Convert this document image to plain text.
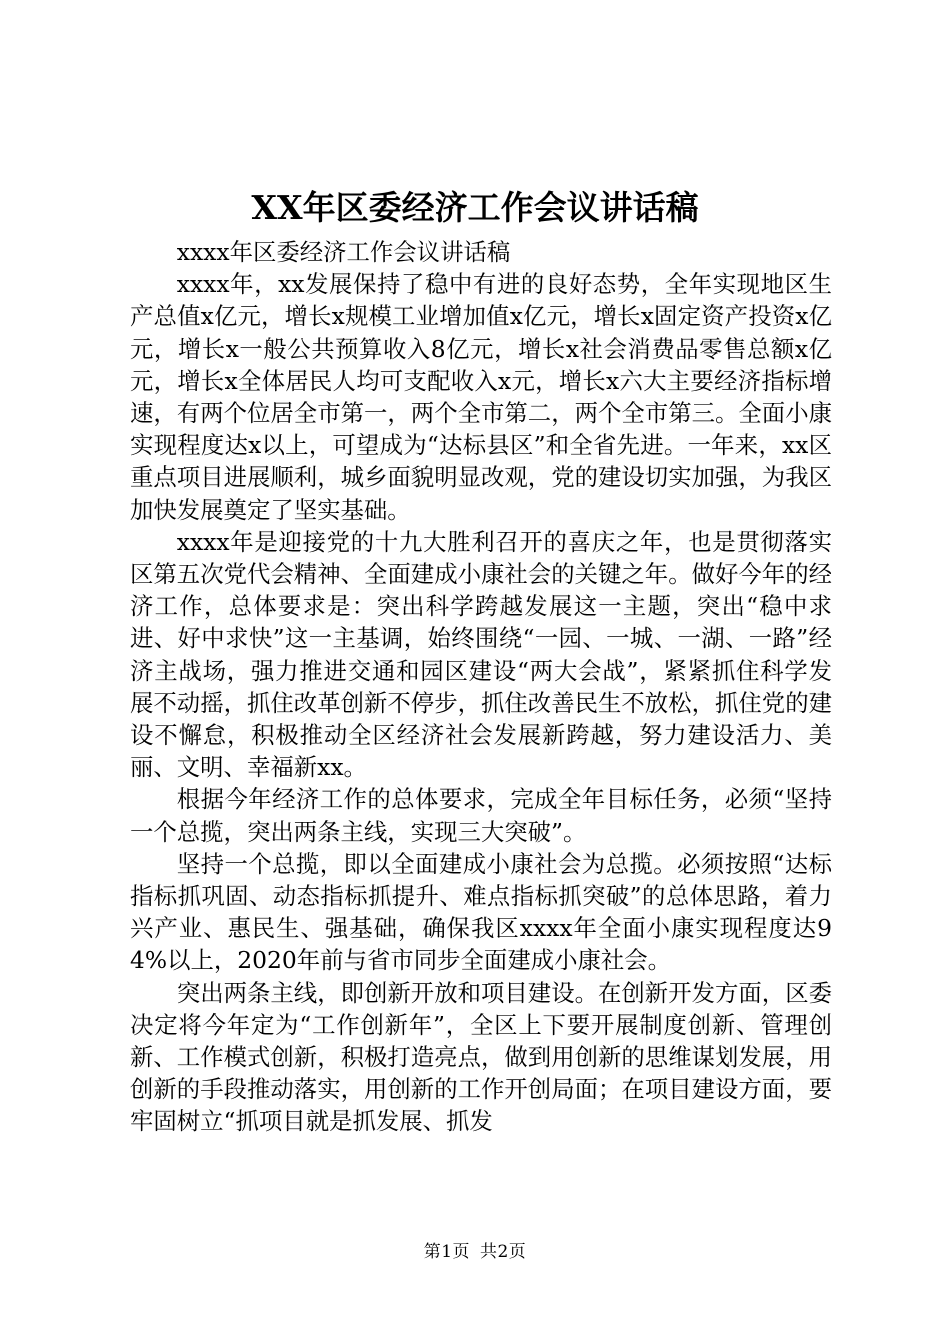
XX年区委经济工作会议讲话稿

xxxx年区委经济工作会议讲话稿

xxxx年，xx发展保持了稳中有进的良好态势，全年实现地区生产总值x亿元，增长x规模工业增加值x亿元，增长x固定资产投资x亿元，增长x一般公共预算收入8亿元，增长x社会消费品零售总额x亿元，增长x全体居民人均可支配收入x元，增长x六大主要经济指标增速，有两个位居全市第一，两个全市第二，两个全市第三。全面小康实现程度达x以上，可望成为“达标县区”和全省先进。一年来，xx区重点项目进展顺利，城乡面貌明显改观，党的建设切实加强，为我区加快发展奠定了坚实基础。

xxxx年是迎接党的十九大胜利召开的喜庆之年，也是贯彻落实区第五次党代会精神、全面建成小康社会的关键之年。做好今年的经济工作，总体要求是：突出科学跨越发展这一主题，突出“稳中求进、好中求快”这一主基调，始终围绕“一园、一城、一湖、一路”经济主战场，强力推进交通和园区建设“两大会战”，紧紧抓住科学发展不动摇，抓住改革创新不停步，抓住改善民生不放松，抓住党的建设不懈怠，积极推动全区经济社会发展新跨越，努力建设活力、美丽、文明、幸福新xx。

根据今年经济工作的总体要求，完成全年目标任务，必须“坚持一个总揽，突出两条主线，实现三大突破”。

坚持一个总揽，即以全面建成小康社会为总揽。必须按照“达标指标抓巩固、动态指标抓提升、难点指标抓突破”的总体思路，着力兴产业、惠民生、强基础，确保我区xxxx年全面小康实现程度达94%以上，2020年前与省市同步全面建成小康社会。

突出两条主线，即创新开放和项目建设。在创新开发方面，区委决定将今年定为“工作创新年”，全区上下要开展制度创新、管理创新、工作模式创新，积极打造亮点，做到用创新的思维谋划发展，用创新的手段推动落实，用创新的工作开创局面；在项目建设方面，要牢固树立“抓项目就是抓发展、抓发

第1页 共2页
